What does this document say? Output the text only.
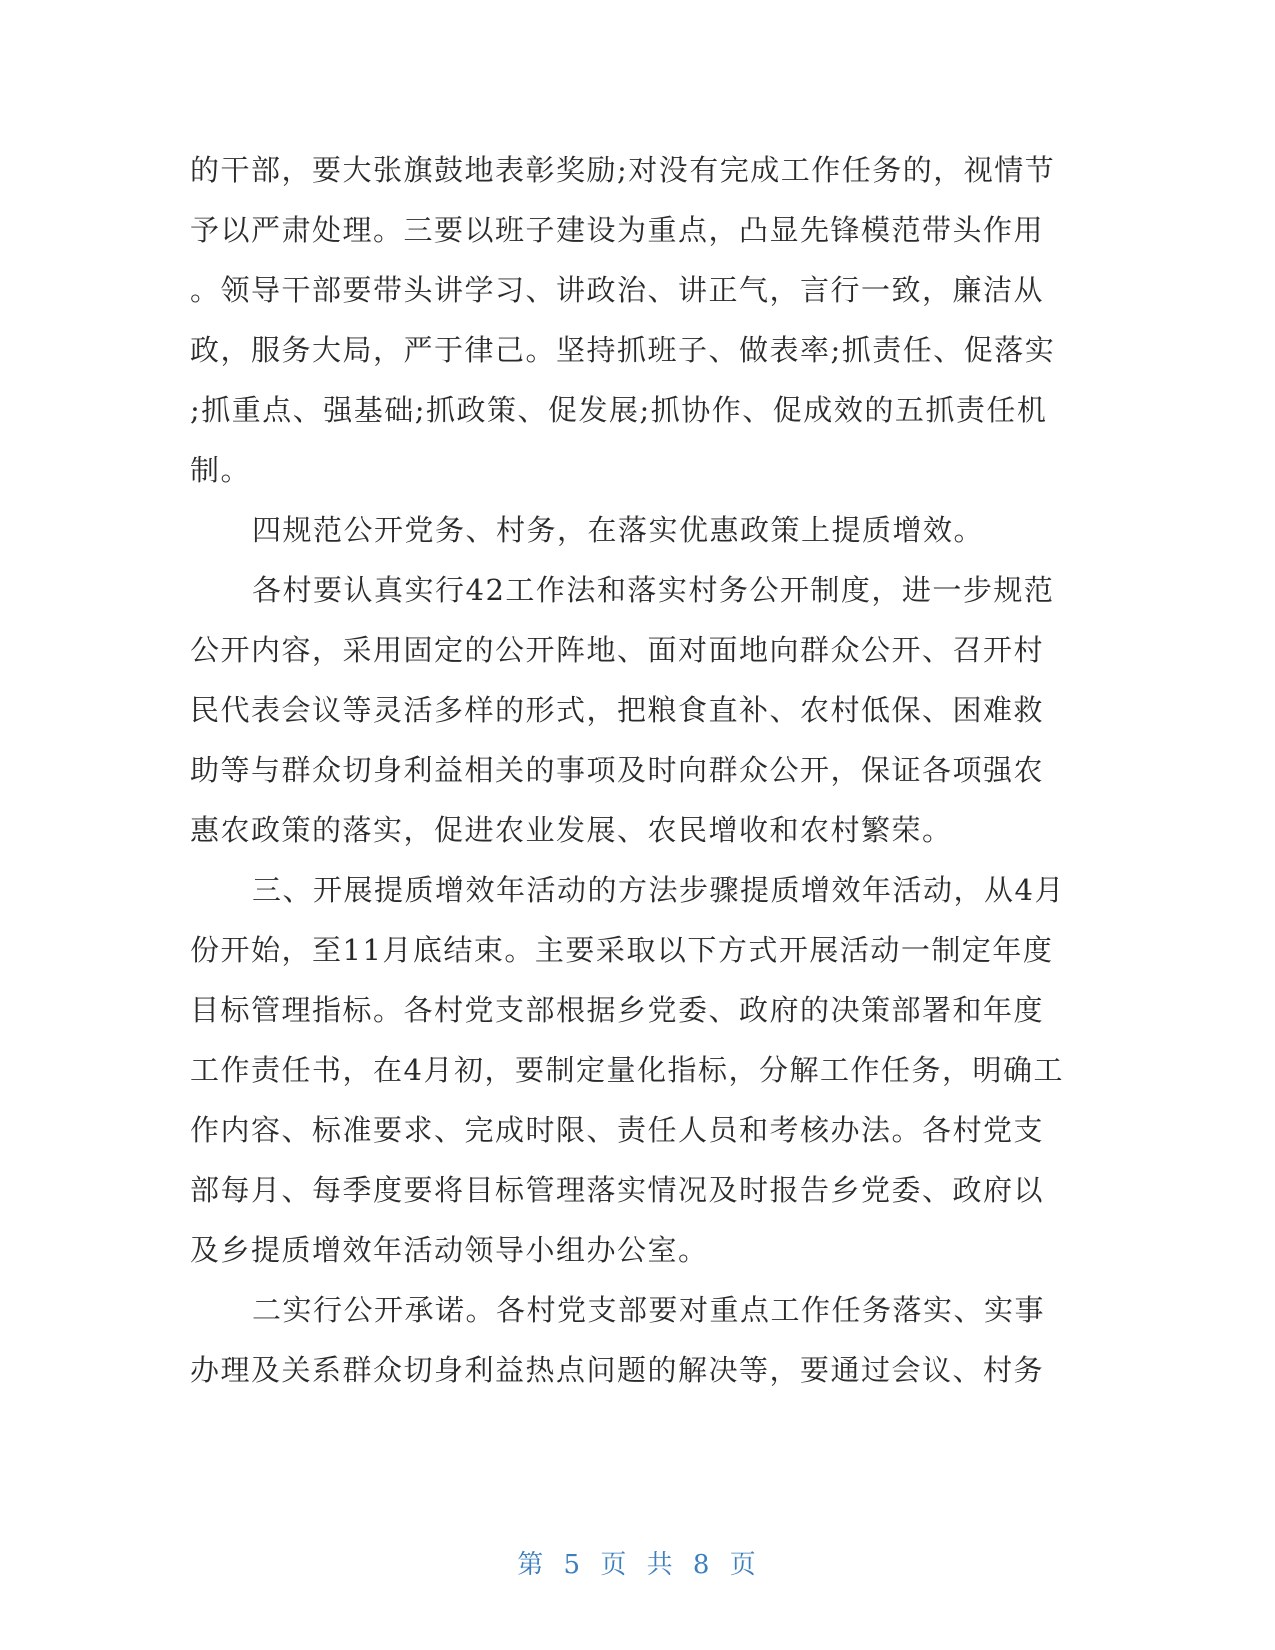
的干部，要大张旗鼓地表彰奖励;对没有完成工作任务的，视情节
予以严肃处理。三要以班子建设为重点，凸显先锋模范带头作用
。领导干部要带头讲学习、讲政治、讲正气，言行一致，廉洁从
政，服务大局，严于律己。坚持抓班子、做表率;抓责任、促落实
;抓重点、强基础;抓政策、促发展;抓协作、促成效的五抓责任机
制。
四规范公开党务、村务，在落实优惠政策上提质增效。
各村要认真实行42工作法和落实村务公开制度，进一步规范
公开内容，采用固定的公开阵地、面对面地向群众公开、召开村
民代表会议等灵活多样的形式，把粮食直补、农村低保、困难救
助等与群众切身利益相关的事项及时向群众公开，保证各项强农
惠农政策的落实，促进农业发展、农民增收和农村繁荣。
三、开展提质增效年活动的方法步骤提质增效年活动，从4月
份开始，至11月底结束。主要采取以下方式开展活动一制定年度
目标管理指标。各村党支部根据乡党委、政府的决策部署和年度
工作责任书，在4月初，要制定量化指标，分解工作任务，明确工
作内容、标准要求、完成时限、责任人员和考核办法。各村党支
部每月、每季度要将目标管理落实情况及时报告乡党委、政府以
及乡提质增效年活动领导小组办公室。
二实行公开承诺。各村党支部要对重点工作任务落实、实事
办理及关系群众切身利益热点问题的解决等，要通过会议、村务
第 5 页 共 8 页
